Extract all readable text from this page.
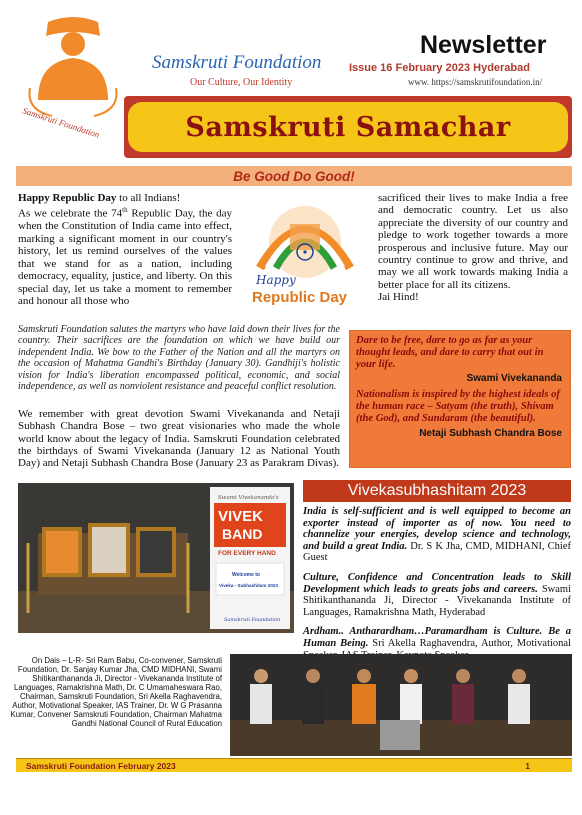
Samskruti Foundation
Samskruti Foundation
Our Culture, Our Identity
Newsletter
Issue 16 February 2023 Hyderabad
www. https://samskrutifoundation.in/
Samskruti Samachar
Be Good Do Good!
Happy Republic Day to all Indians!
As we celebrate the 74th Republic Day, the day when the Constitution of India came into effect, marking a significant moment in our country's history, let us remind ourselves of the values that we stand for as a nation, including democracy, equality, justice, and liberty. On this special day, let us take a moment to remember and honour all those who
Happy
Republic Day
sacrificed their lives to make India a free and democratic country. Let us also appreciate the diversity of our country and pledge to work together towards a more prosperous and inclusive future. May our country continue to grow and thrive, and may we all work towards making India a better place for all its citizens.
Jai Hind!
Samskruti Foundation salutes the martyrs who have laid down their lives for the country. Their sacrifices are the foundation on which we have build our independent India. We bow to the Father of the Nation and all the martyrs on the occasion of Mahatma Gandhi's Birthday (January 30). Gandhiji's holistic vision for India's liberation encompassed political, economic, and social independence, as well as nonviolent resistance and peaceful conflict resolution.
We remember with great devotion Swami Vivekananda and Netaji Subhash Chandra Bose – two great visionaries who made the whole world know about the legacy of India. Samskruti Foundation celebrated the birthdays of Swami Vivekananda (January 12 as National Youth Day) and Netaji Subhash Chandra Bose (January 23 as Parakram Divas).
Dare to be free, dare to go as far as your thought leads, and dare to carry that out in your life.
Swami Vivekananda
Nationalism is inspired by the highest ideals of the human race – Satyam (the truth), Shivam (the God), and Sundaram (the beautiful).
Netaji Subhash Chandra Bose
Swami Vivekananda's
VIVEK
BAND
FOR EVERY HAND
Welcome to
Viveka - Subhashitam 2023
Samskruti Foundation
Vivekasubhashitam 2023

India is self-sufficient and is well equipped to become an exporter instead of importer as of now. You need to channelize your energies, develop science and technology, and build a great India. Dr. S K Jha, CMD, MIDHANI, Chief Guest

Culture, Confidence and Concentration leads to Skill Development which leads to greats jobs and careers. Swami Shitikanthananda Ji, Director - Vivekananda Institute of Languages, Ramakrishna Math, Hyderabad

Ardham.. Antharardham…Paramardham is Culture. Be a Human Being. Sri Akella Raghavendra, Author, Motivational

On Dais – L-R- Sri Ram Babu, Co-convener, Samskruti Foundation, Dr. Sanjay Kumar Jha, CMD MIDHANI, Swami Shitikanthananda Ji, Director - Vivekananda Institute of Languages, Ramakrishna Math, Dr. C Umamaheswara Rao, Chairman, Samskruti Foundation, Sri Akella Raghavendra, Author, Motivational Speaker, IAS Trainer, Dr. W G Prasanna Kumar, Convener Samskruti Foundation, Chairman Mahatma Gandhi National Council of Rural Education
Samskruti Foundation February 2023	1
